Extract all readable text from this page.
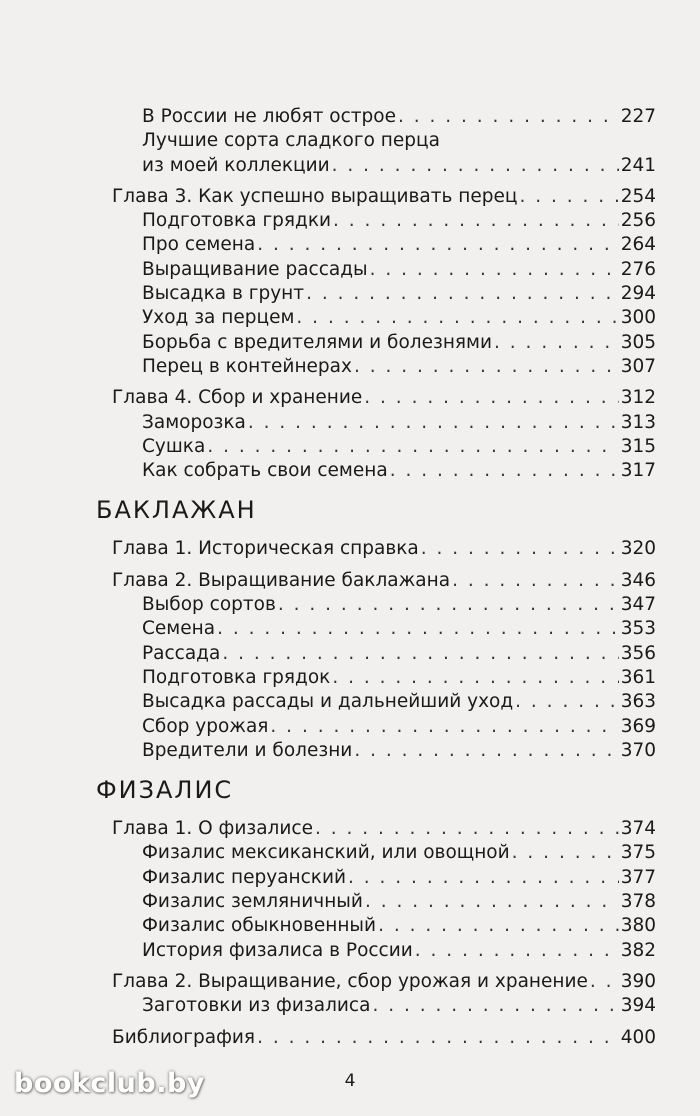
В России не любят острое . . .	227
Лучшие сорта сладкого перца
из моей коллекции . . .	241
Глава 3. Как успешно выращивать перец . . .	254
Подготовка грядки . . .	256
Про семена . . .	264
Выращивание рассады . . .	276
Высадка в грунт . . .	294
Уход за перцем . . .	300
Борьба с вредителями и болезнями . . .	305
Перец в контейнерах . . .	307
Глава 4. Сбор и хранение . . .	312
Заморозка . . .	313
Сушка . . .	315
Как собрать свои семена . . .	317
БАКЛАЖАН
Глава 1. Историческая справка . . .	320
Глава 2. Выращивание баклажана . . .	346
Выбор сортов . . .	347
Семена . . .	353
Рассада . . .	356
Подготовка грядок . . .	361
Высадка рассады и дальнейший уход . . .	363
Сбор урожая . . .	369
Вредители и болезни . . .	370
ФИЗАЛИС
Глава 1. О физалисе . . .	374
Физалис мексиканский, или овощной . . .	375
Физалис перуанский . . .	377
Физалис земляничный . . .	378
Физалис обыкновенный . . .	380
История физалиса в России . . .	382
Глава 2. Выращивание, сбор урожая и хранение . . . 390
Заготовки из физалиса . . .	394
Библиография . . .	400
4
bookclub.by
